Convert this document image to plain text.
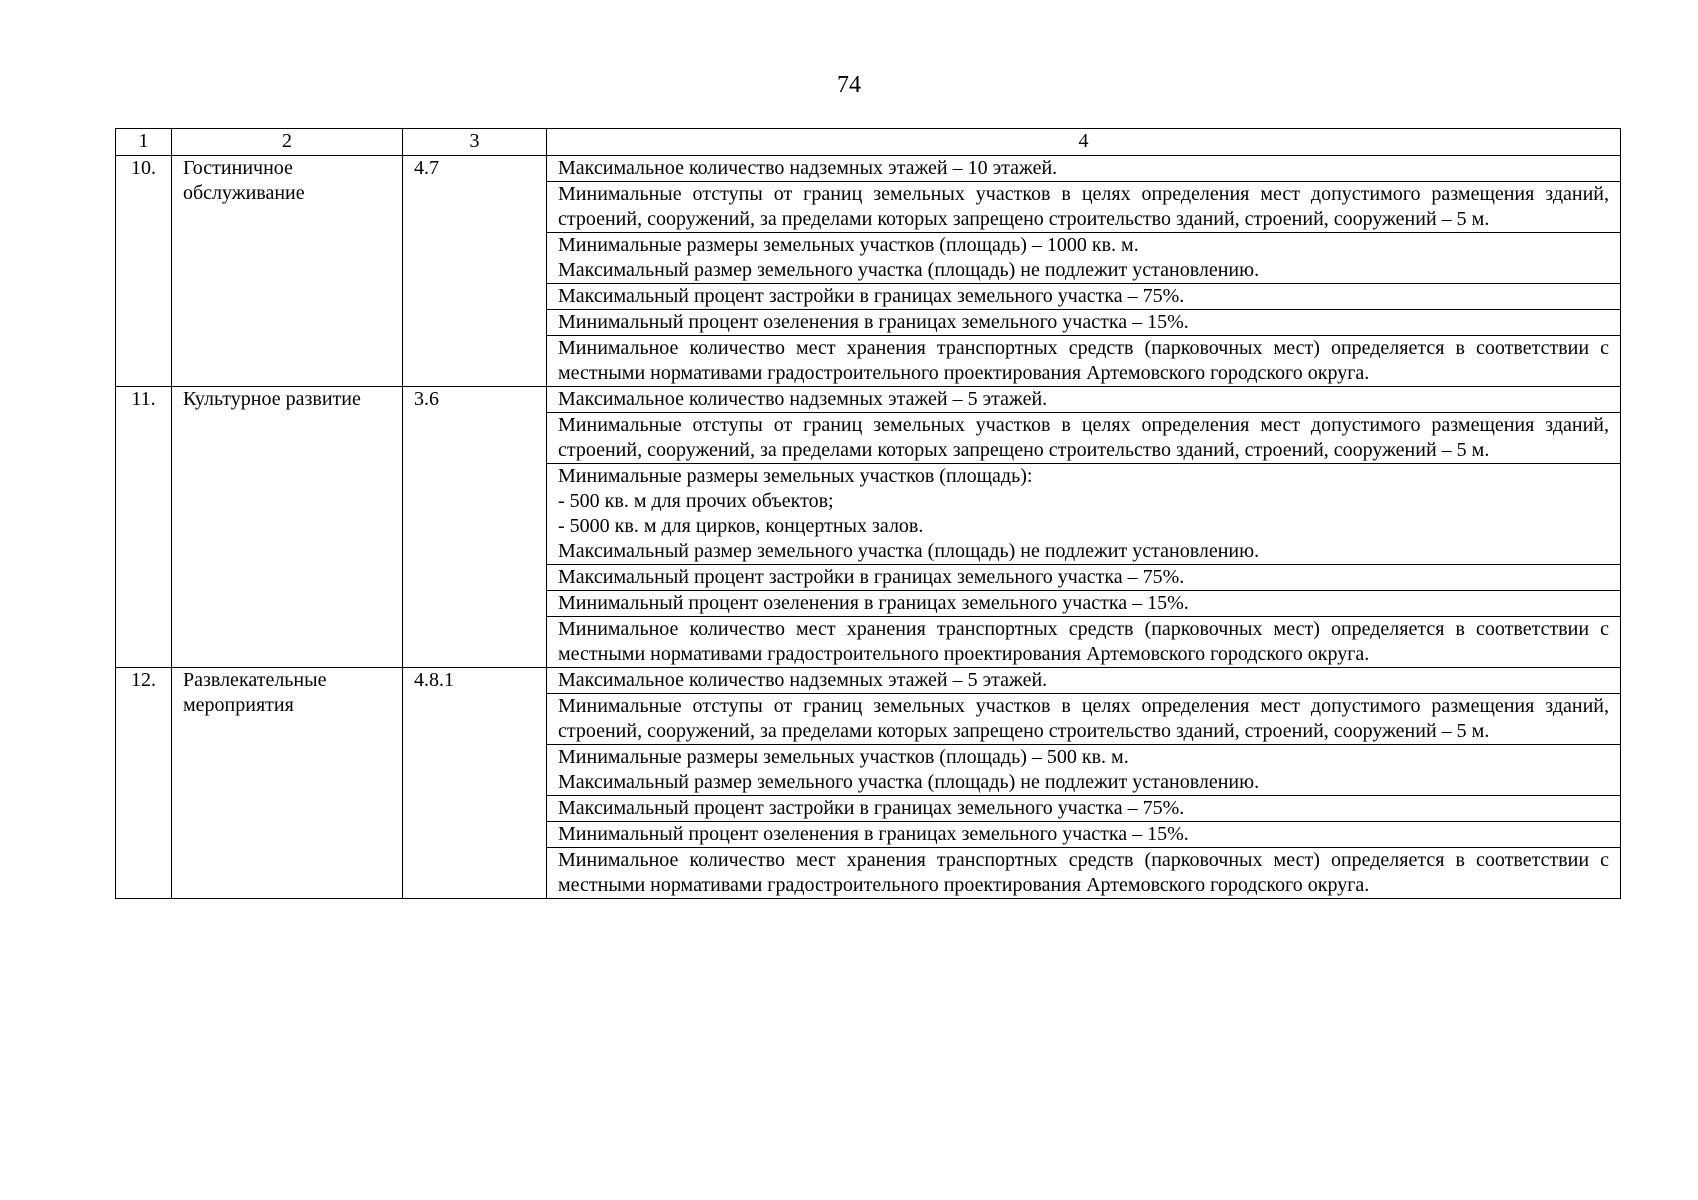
74
1	2	3	4
10.	Гостиничное обслуживание	4.7	Максимальное количество надземных этажей – 10 этажей.

			Минимальные отступы от границ земельных участков в целях определения мест допустимого размещения зданий, строений, сооружений, за пределами которых запрещено строительство зданий, строений, сооружений – 5 м.

			Минимальные размеры земельных участков (площадь) – 1000 кв. м.
Максимальный размер земельного участка (площадь) не подлежит установлению.

			Максимальный процент застройки в границах земельного участка – 75%.

			Минимальный процент озеленения в границах земельного участка – 15%.

			Минимальное количество мест хранения транспортных средств (парковочных мест) определяется в соответствии с местными нормативами градостроительного проектирования Артемовского городского округа.

11.	Культурное развитие	3.6	Максимальное количество надземных этажей – 5 этажей.

			Минимальные отступы от границ земельных участков в целях определения мест допустимого размещения зданий, строений, сооружений, за пределами которых запрещено строительство зданий, строений, сооружений – 5 м.

			Минимальные размеры земельных участков (площадь):
- 500 кв. м для прочих объектов;
- 5000 кв. м для цирков, концертных залов.
Максимальный размер земельного участка (площадь) не подлежит установлению.

			Максимальный процент застройки в границах земельного участка – 75%.

			Минимальный процент озеленения в границах земельного участка – 15%.

			Минимальное количество мест хранения транспортных средств (парковочных мест) определяется в соответствии с местными нормативами градостроительного проектирования Артемовского городского округа.

12.	Развлекательные мероприятия	4.8.1	Максимальное количество надземных этажей – 5 этажей.

			Минимальные отступы от границ земельных участков в целях определения мест допустимого размещения зданий, строений, сооружений, за пределами которых запрещено строительство зданий, строений, сооружений – 5 м.

			Минимальные размеры земельных участков (площадь) – 500 кв. м.
Максимальный размер земельного участка (площадь) не подлежит установлению.

			Максимальный процент застройки в границах земельного участка – 75%.

			Минимальный процент озеленения в границах земельного участка – 15%.

			Минимальное количество мест хранения транспортных средств (парковочных мест) определяется в соответствии с местными нормативами градостроительного проектирования Артемовского городского округа.
